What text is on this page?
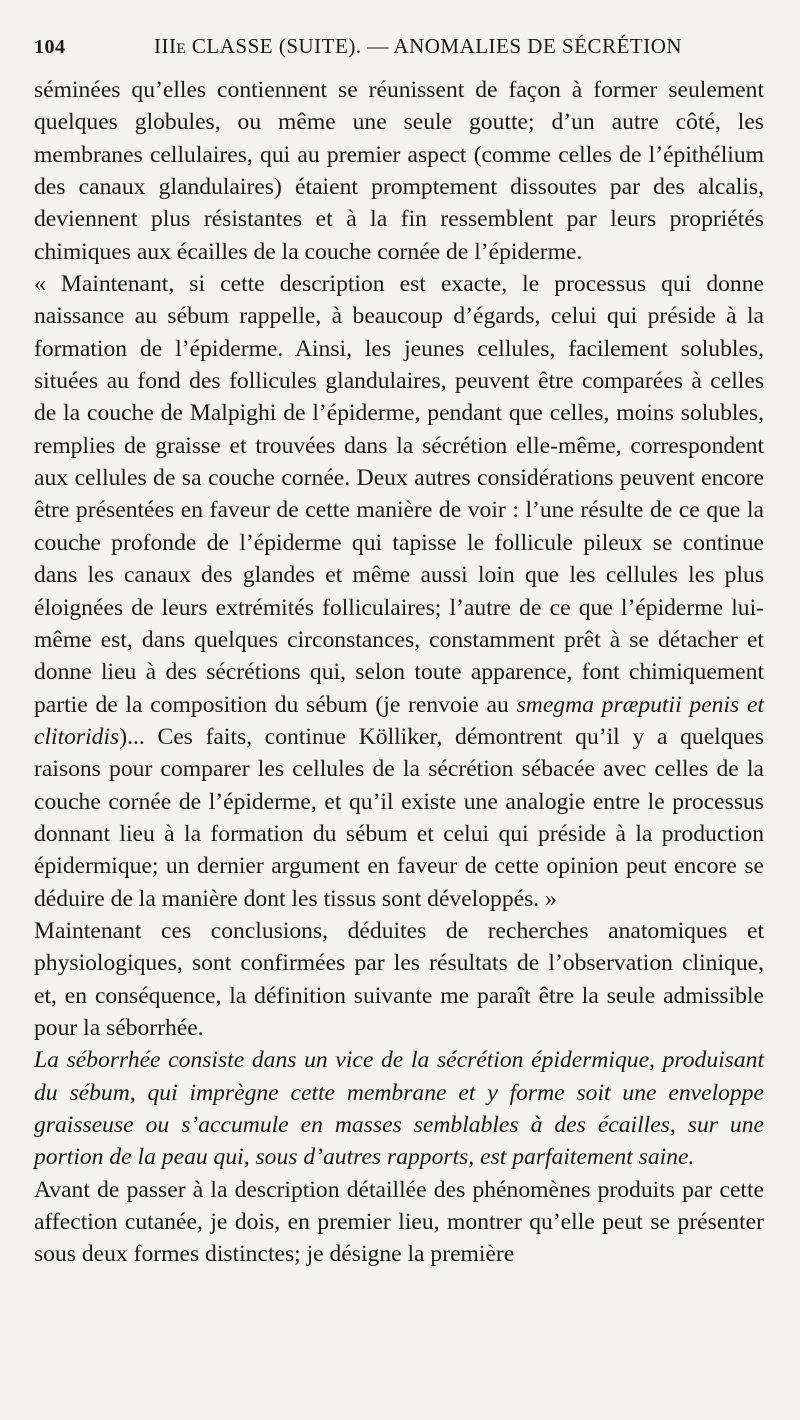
104	IIIe CLASSE (SUITE). — ANOMALIES DE SÉCRÉTION

séminées qu’elles contiennent se réunissent de façon à former seulement quelques globules, ou même une seule goutte; d’un autre côté, les membranes cellulaires, qui au premier aspect (comme celles de l’épithélium des canaux glandulaires) étaient promptement dissoutes par des alcalis, deviennent plus résistantes et à la fin ressemblent par leurs propriétés chimiques aux écailles de la couche cornée de l’épiderme.

« Maintenant, si cette description est exacte, le processus qui donne naissance au sébum rappelle, à beaucoup d’égards, celui qui préside à la formation de l’épiderme. Ainsi, les jeunes cellules, facilement solubles, situées au fond des follicules glandulaires, peuvent être comparées à celles de la couche de Malpighi de l’épiderme, pendant que celles, moins solubles, remplies de graisse et trouvées dans la sécrétion elle-même, correspondent aux cellules de sa couche cornée. Deux autres considérations peuvent encore être présentées en faveur de cette manière de voir : l’une résulte de ce que la couche profonde de l’épiderme qui tapisse le follicule pileux se continue dans les canaux des glandes et même aussi loin que les cellules les plus éloignées de leurs extrémités folliculaires; l’autre de ce que l’épiderme lui-même est, dans quelques circonstances, constamment prêt à se détacher et donne lieu à des sécrétions qui, selon toute apparence, font chimiquement partie de la composition du sébum (je renvoie au smegma præputii penis et clitoridis)... Ces faits, continue Kölliker, démontrent qu’il y a quelques raisons pour comparer les cellules de la sécrétion sébacée avec celles de la couche cornée de l’épiderme, et qu’il existe une analogie entre le processus donnant lieu à la formation du sébum et celui qui préside à la production épidermique; un dernier argument en faveur de cette opinion peut encore se déduire de la manière dont les tissus sont développés. »

Maintenant ces conclusions, déduites de recherches anatomiques et physiologiques, sont confirmées par les résultats de l’observation clinique, et, en conséquence, la définition suivante me paraît être la seule admissible pour la séborrhée.

La séborrhée consiste dans un vice de la sécrétion épidermique, produisant du sébum, qui imprègne cette membrane et y forme soit une enveloppe graisseuse ou s’accumule en masses semblables à des écailles, sur une portion de la peau qui, sous d’autres rapports, est parfaitement saine.

Avant de passer à la description détaillée des phénomènes produits par cette affection cutanée, je dois, en premier lieu, montrer qu’elle peut se présenter sous deux formes distinctes; je désigne la première
